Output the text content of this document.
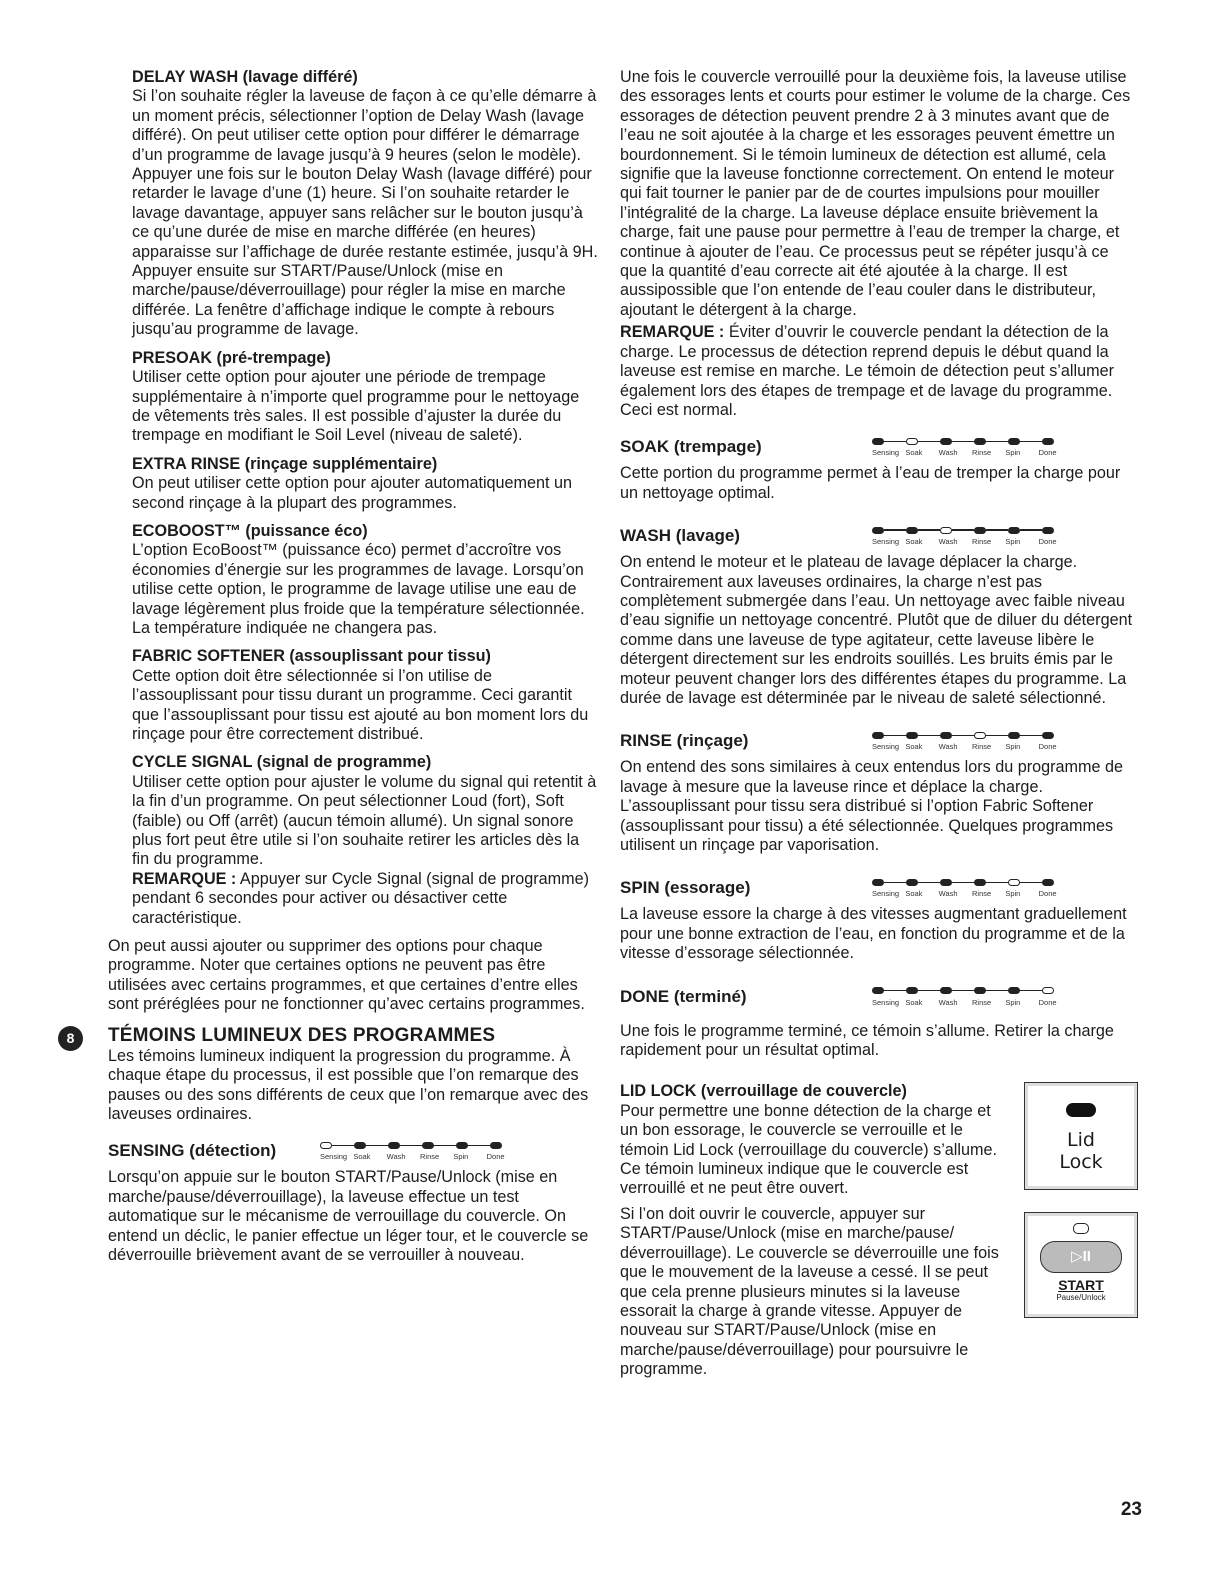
DELAY WASH (lavage différé)

Si l’on souhaite régler la laveuse de façon à ce qu’elle démarre à un moment précis, sélectionner l’option de Delay Wash (lavage différé). On peut utiliser cette option pour différer le démarrage d’un programme de lavage jusqu’à 9 heures (selon le modèle). Appuyer une fois sur le bouton Delay Wash (lavage différé) pour retarder le lavage d’une (1) heure. Si l’on souhaite retarder le lavage davantage, appuyer sans relâcher sur le bouton jusqu’à ce qu’une durée de mise en marche différée (en heures) apparaisse sur l’affichage de durée restante estimée, jusqu’à 9H. Appuyer ensuite sur START/Pause/Unlock (mise en marche/pause/déverrouillage) pour régler la mise en marche différée. La fenêtre d’affichage indique le compte à rebours jusqu’au programme de lavage.

PRESOAK (pré-trempage)

Utiliser cette option pour ajouter une période de trempage supplémentaire à n’importe quel programme pour le nettoyage de vêtements très sales. Il est possible d’ajuster la durée du trempage en modifiant le Soil Level (niveau de saleté).

EXTRA RINSE (rinçage supplémentaire)

On peut utiliser cette option pour ajouter automatiquement un second rinçage à la plupart des programmes.

ECOBOOST™ (puissance éco)

L’option EcoBoost™ (puissance éco) permet d’accroître vos économies d’énergie sur les programmes de lavage. Lorsqu’on utilise cette option, le programme de lavage utilise une eau de lavage légèrement plus froide que la température sélectionnée. La température indiquée ne changera pas.

FABRIC SOFTENER (assouplissant pour tissu)

Cette option doit être sélectionnée si l’on utilise de l’assouplissant pour tissu durant un programme. Ceci garantit que l’assouplissant pour tissu est ajouté au bon moment lors du rinçage pour être correctement distribué.

CYCLE SIGNAL (signal de programme)

Utiliser cette option pour ajuster le volume du signal qui retentit à la fin d’un programme. On peut sélectionner Loud (fort), Soft (faible) ou Off (arrêt) (aucun témoin allumé). Un signal sonore plus fort peut être utile si l’on souhaite retirer les articles dès la fin du programme.

REMARQUE : Appuyer sur Cycle Signal (signal de programme) pendant 6 secondes pour activer ou désactiver cette caractéristique.

On peut aussi ajouter ou supprimer des options pour chaque programme. Noter que certaines options ne peuvent pas être utilisées avec certains programmes, et que certaines d’entre elles sont préréglées pour ne fonctionner qu’avec certains programmes.

8	TÉMOINS LUMINEUX DES PROGRAMMES

Les témoins lumineux indiquent la progression du programme. À chaque étape du processus, il est possible que l’on remarque des pauses ou des sons différents de ceux que l’on remarque avec des laveuses ordinaires.

SENSING (détection)	Sensing Soak	Wash	Rinse	Spin	Done

Lorsqu’on appuie sur le bouton START/Pause/Unlock (mise en marche/pause/déverrouillage), la laveuse effectue un test automatique sur le mécanisme de verrouillage du couvercle. On entend un déclic, le panier effectue un léger tour, et le couvercle se déverrouille brièvement avant de se verrouiller à nouveau.

Une fois le couvercle verrouillé pour la deuxième fois, la laveuse utilise des essorages lents et courts pour estimer le volume de la charge. Ces essorages de détection peuvent prendre 2 à 3 minutes avant que de l’eau ne soit ajoutée à la charge et les essorages peuvent émettre un bourdonnement. Si le témoin lumineux de détection est allumé, cela signifie que la laveuse fonctionne correctement. On entend le moteur qui fait tourner le panier par de de courtes impulsions pour mouiller l’intégralité de la charge. La laveuse déplace ensuite brièvement la charge, fait une pause pour permettre à l’eau de tremper la charge, et continue à ajouter de l’eau. Ce processus peut se répéter jusqu’à ce que la quantité d’eau correcte ait été ajoutée à la charge. Il est aussipossible que l’on entende de l’eau couler dans le distributeur, ajoutant le détergent à la charge.

REMARQUE : Éviter d’ouvrir le couvercle pendant la détection de la charge. Le processus de détection reprend depuis le début quand la laveuse est remise en marche. Le témoin de détection peut s’allumer également lors des étapes de trempage et de lavage du programme. Ceci est normal.

SOAK (trempage)	Sensing Soak	Wash	Rinse	Spin	Done

Cette portion du programme permet à l’eau de tremper la charge pour un nettoyage optimal.

WASH (lavage)	Sensing Soak	Wash	Rinse	Spin	Done

On entend le moteur et le plateau de lavage déplacer la charge. Contrairement aux laveuses ordinaires, la charge n’est pas complètement submergée dans l’eau. Un nettoyage avec faible niveau d’eau signifie un nettoyage concentré. Plutôt que de diluer du détergent comme dans une laveuse de type agitateur, cette laveuse libère le détergent directement sur les endroits souillés. Les bruits émis par le moteur peuvent changer lors des différentes étapes du programme. La durée de lavage est déterminée par le niveau de saleté sélectionné.

RINSE (rinçage)	Sensing Soak	Wash	Rinse	Spin	Done

On entend des sons similaires à ceux entendus lors du programme de lavage à mesure que la laveuse rince et déplace la charge. L’assouplissant pour tissu sera distribué si l’option Fabric Softener (assouplissant pour tissu) a été sélectionnée. Quelques programmes utilisent un rinçage par vaporisation.

SPIN (essorage)	Sensing Soak	Wash	Rinse	Spin	Done

La laveuse essore la charge à des vitesses augmentant graduellement pour une bonne extraction de l’eau, en fonction du programme et de la vitesse d’essorage sélectionnée.

DONE (terminé)	Sensing Soak	Wash	Rinse	Spin	Done

Une fois le programme terminé, ce témoin s’allume. Retirer la charge rapidement pour un résultat optimal.

LID LOCK (verrouillage de couvercle)

Pour permettre une bonne détection de la charge et un bon essorage, le couvercle se verrouille et le témoin Lid Lock (verrouillage du couvercle) s’allume. Ce témoin lumineux indique que le couvercle est verrouillé et ne peut être ouvert.

Si l’on doit ouvrir le couvercle, appuyer sur START/Pause/Unlock (mise en marche/pause/ déverrouillage). Le couvercle se déverrouille une fois que le mouvement de la laveuse a cessé. Il se peut que cela prenne plusieurs minutes si la laveuse essorait la charge à grande vitesse. Appuyer de nouveau sur START/Pause/Unlock (mise en marche/pause/déverrouillage) pour poursuivre le programme.

Lid
Lock
▷II
START
Pause/Unlock
23
